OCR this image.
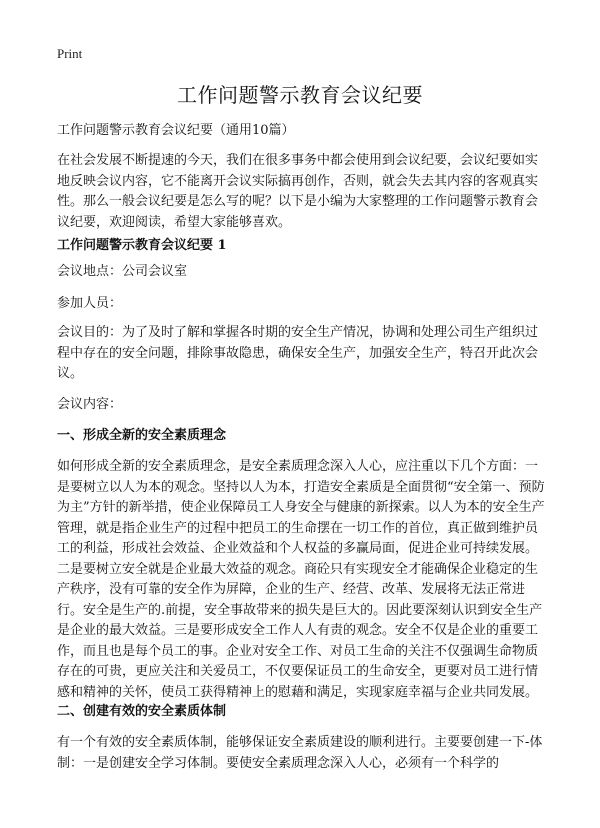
Print

工作问题警示教育会议纪要

工作问题警示教育会议纪要（通用10篇）

在社会发展不断提速的今天，我们在很多事务中都会使用到会议纪要，会议纪要如实地反映会议内容，它不能离开会议实际搞再创作，否则，就会失去其内容的客观真实性。那么一般会议纪要是怎么写的呢？以下是小编为大家整理的工作问题警示教育会议纪要，欢迎阅读，希望大家能够喜欢。

工作问题警示教育会议纪要 1

会议地点：公司会议室

参加人员：

会议目的：为了及时了解和掌握各时期的安全生产情况，协调和处理公司生产组织过程中存在的安全问题，排除事故隐患，确保安全生产，加强安全生产，特召开此次会议。

会议内容：

一、形成全新的安全素质理念

如何形成全新的安全素质理念，是安全素质理念深入人心，应注重以下几个方面：一是要树立以人为本的观念。坚持以人为本，打造安全素质是全面贯彻“安全第一、预防为主”方针的新举措，使企业保障员工人身安全与健康的新探索。以人为本的安全生产管理，就是指企业生产的过程中把员工的生命摆在一切工作的首位，真正做到维护员工的利益，形成社会效益、企业效益和个人权益的多赢局面，促进企业可持续发展。二是要树立安全就是企业最大效益的观念。商砼只有实现安全才能确保企业稳定的生产秩序，没有可靠的安全作为屏障，企业的生产、经营、改革、发展将无法正常进行。安全是生产的.前提，安全事故带来的损失是巨大的。因此要深刻认识到安全生产是企业的最大效益。三是要形成安全工作人人有责的观念。安全不仅是企业的重要工作，而且也是每个员工的事。企业对安全工作、对员工生命的关注不仅强调生命物质存在的可贵，更应关注和关爱员工，不仅要保证员工的生命安全，更要对员工进行情感和精神的关怀，使员工获得精神上的慰藉和满足，实现家庭幸福与企业共同发展。

二、创建有效的安全素质体制

有一个有效的安全素质体制，能够保证安全素质建设的顺利进行。主要要创建一下-体制：一是创建安全学习体制。要使安全素质理念深入人心，必须有一个科学的
